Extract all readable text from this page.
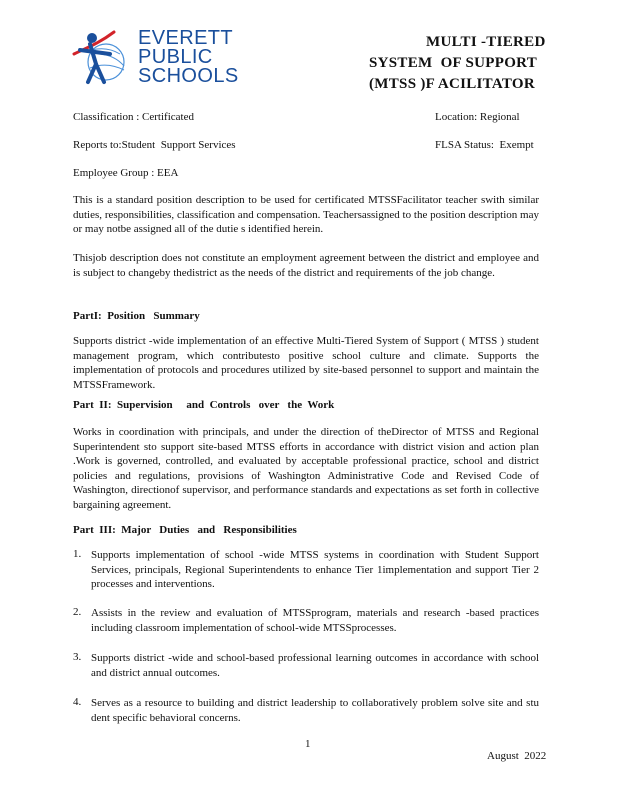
EVERETT
PUBLIC
SCHOOLS
MULTI -TIERED
SYSTEM  OF SUPPORT
(MTSS )F ACILITATOR
Classification : Certificated	Location: Regional
Reports to:Student  Support Services	FLSA Status:  Exempt
Employee Group : EEA
This is a standard position description to be used for certificated MTSSFacilitator teacher swith similar duties, responsibilities, classification and compensation. Teachersassigned to the position description may or may notbe assigned all of the dutie s identified herein.
Thisjob description does not constitute an employment agreement between the district and employee and is subject to changeby thedistrict as the needs of the district and requirements of the job change.
PartI:  Position   Summary
Supports district -wide implementation of an effective Multi-Tiered System of Support ( MTSS ) student management program, which contributesto positive school culture and climate. Supports the implementation of protocols and procedures utilized by site-based personnel to support and maintain the MTSSFramework.
Part  II:  Supervision     and  Controls   over   the  Work
Works in coordination with principals, and under the direction of theDirector of MTSS and Regional Superintendent sto support site-based MTSS efforts in accordance with district vision and action plan .Work is governed, controlled, and evaluated by acceptable professional practice, school and district policies and regulations, provisions of Washington Administrative Code and Revised Code of Washington, directionof supervisor, and performance standards and expectations as set forth in collective bargaining agreement.
Part  III:  Major   Duties   and   Responsibilities
1. Supports implementation of school -wide MTSS systems in coordination with Student Support Services, principals, Regional Superintendents to enhance Tier 1implementation and support Tier 2 processes and interventions.
2. Assists in the review and evaluation of MTSSprogram, materials and research -based practices including classroom implementation of school-wide MTSSprocesses.
3. Supports district -wide and school-based professional learning outcomes in accordance with school and district annual outcomes.
4. Serves as a resource to building and district leadership to collaboratively problem solve site and stu dent specific behavioral concerns.
1
August  2022
